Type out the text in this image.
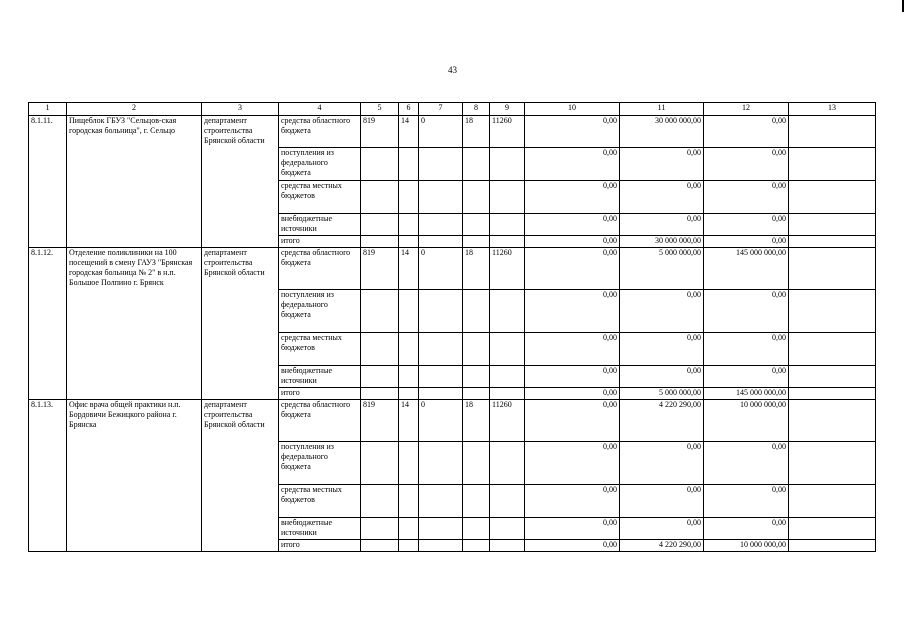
43
1	2	3	4	5	6	7	8	9	10	11	12	13
8.1.11.	Пищеблок ГБУЗ "Сельцов-ская городская больница", г. Сельцо	департамент строительства Брянской области	средства областного бюджета	819	14	0	18	11260	0,00	30 000 000,00	0,00	
			поступления из федерального бюджета						0,00	0,00	0,00	
			средства местных бюджетов						0,00	0,00	0,00	
			внебюджетные источники						0,00	0,00	0,00	
			итого						0,00	30 000 000,00	0,00	
8.1.12.	Отделение поликлиники на 100 посещений в смену ГАУЗ "Брянская городская больница № 2" в н.п. Большое Полпино г. Брянск	департамент строительства Брянской области	средства областного бюджета	819	14	0	18	11260	0,00	5 000 000,00	145 000 000,00	
			поступления из федерального бюджета						0,00	0,00	0,00	
			средства местных бюджетов						0,00	0,00	0,00	
			внебюджетные источники						0,00	0,00	0,00	
			итого						0,00	5 000 000,00	145 000 000,00	
8.1.13.	Офис врача общей практики н.п. Бордовичи Бежицкого района г. Брянска	департамент строительства Брянской области	средства областного бюджета	819	14	0	18	11260	0,00	4 220 290,00	10 000 000,00	
			поступления из федерального бюджета						0,00	0,00	0,00	
			средства местных бюджетов						0,00	0,00	0,00	
			внебюджетные источники						0,00	0,00	0,00	
			итого						0,00	4 220 290,00	10 000 000,00	
